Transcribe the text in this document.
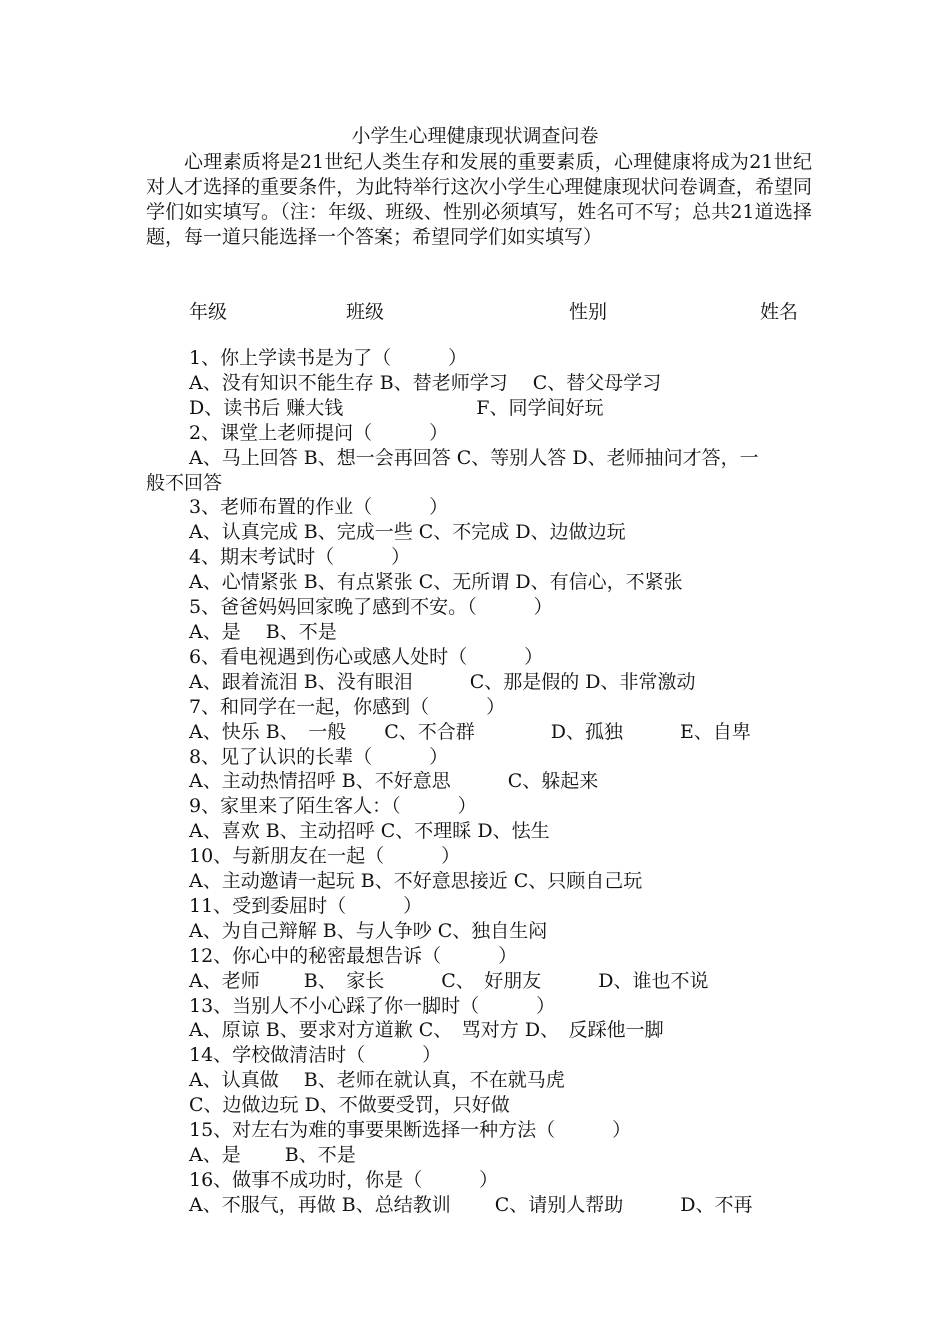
小学生心理健康现状调查问卷
心理素质将是21世纪人类生存和发展的重要素质，心理健康将成为21世纪对人才选择的重要条件，为此特举行这次小学生心理健康现状问卷调查，希望同学们如实填写。（注：年级、班级、性别必须填写，姓名可不写；总共21道选择题，每一道只能选择一个答案；希望同学们如实填写）
年级	班级	性别	姓名
1、你上学读书是为了（　　　）
A、没有知识不能生存 B、替老师学习　 C、替父母学习
D、读书后 赚大钱　　　　　　　F、同学间好玩
2、课堂上老师提问（　　　）
A、马上回答 B、想一会再回答 C、等别人答 D、老师抽问才答，一
般不回答
3、老师布置的作业（　　　）
A、认真完成 B、完成一些 C、不完成 D、边做边玩
4、期末考试时（　　　）
A、心情紧张 B、有点紧张 C、无所谓 D、有信心，不紧张
5、爸爸妈妈回家晚了感到不安。（　　　）
A、是　 B、不是
6、看电视遇到伤心或感人处时（　　　）
A、跟着流泪 B、没有眼泪　　　C、那是假的 D、非常激动
7、和同学在一起，你感到（　　　）
A、快乐 B、　一般　　C、不合群　　　　D、孤独　　　E、自卑
8、见了认识的长辈（　　　）
A、主动热情招呼 B、不好意思　　　C、躲起来
9、家里来了陌生客人：（　　　）
A、喜欢 B、主动招呼 C、不理睬 D、怯生
10、与新朋友在一起（　　　）
A、主动邀请一起玩 B、不好意思接近 C、只顾自己玩
11、受到委屈时（　　　）
A、为自己辩解 B、与人争吵 C、独自生闷
12、你心中的秘密最想告诉（　　　）
A、老师　　 B、　家长　　　C、　好朋友　　　D、谁也不说
13、当别人不小心踩了你一脚时（　　　）
A、原谅 B、要求对方道歉 C、　骂对方 D、　反踩他一脚
14、学校做清洁时（　　　）
A、认真做　 B、老师在就认真，不在就马虎
C、边做边玩 D、不做要受罚，只好做
15、对左右为难的事要果断选择一种方法（　　　）
A、是　　 B、不是
16、做事不成功时，你是（　　　）
A、不服气，再做 B、总结教训　　 C、请别人帮助　　　D、不再
